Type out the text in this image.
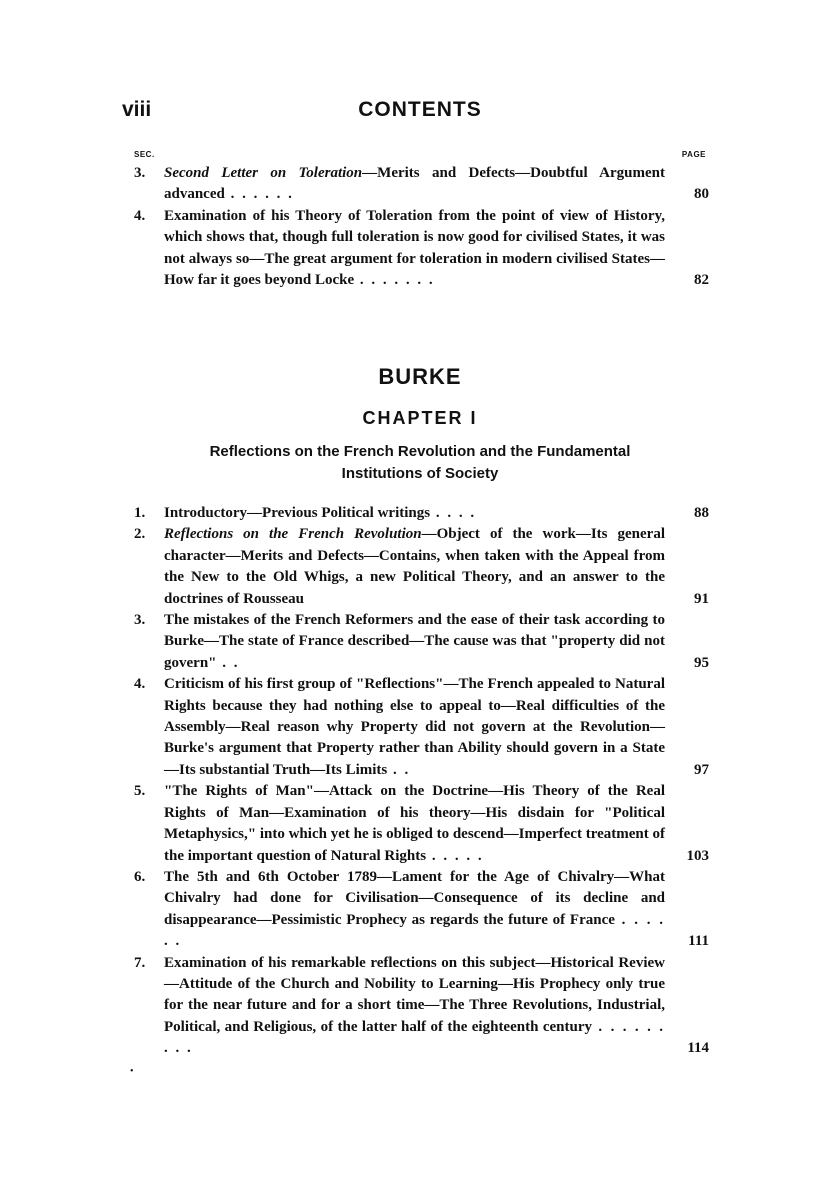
viii	CONTENTS
SEC.	PAGE
3.	Second Letter on Toleration—Merits and Defects—Doubtful Argument advanced . . . . . .	80
4.	Examination of his Theory of Toleration from the point of view of History, which shows that, though full toleration is now good for civilised States, it was not always so—The great argument for toleration in modern civilised States—How far it goes beyond Locke . . . . . . .	82
BURKE
CHAPTER I
Reflections on the French Revolution and the Fundamental
Institutions of Society
1.	Introductory—Previous Political writings . . . .	88
2.	Reflections on the French Revolution—Object of the work—Its general character—Merits and Defects—Contains, when taken with the Appeal from the New to the Old Whigs, a new Political Theory, and an answer to the doctrines of Rousseau	91
3.	The mistakes of the French Reformers and the ease of their task according to Burke—The state of France described—The cause was that "property did not govern" . .	95
4.	Criticism of his first group of "Reflections"—The French appealed to Natural Rights because they had nothing else to appeal to—Real difficulties of the Assembly—Real reason why Property did not govern at the Revolution—Burke's argument that Property rather than Ability should govern in a State—Its substantial Truth—Its Limits . .	97
5.	"The Rights of Man"—Attack on the Doctrine—His Theory of the Real Rights of Man—Examination of his theory—His disdain for "Political Metaphysics," into which yet he is obliged to descend—Imperfect treatment of the important question of Natural Rights . . . . .	103
6.	The 5th and 6th October 1789—Lament for the Age of Chivalry—What Chivalry had done for Civilisation—Consequence of its decline and disappearance—Pessimistic Prophecy as regards the future of France . . . . . .	111
7.	Examination of his remarkable reflections on this subject—Historical Review—Attitude of the Church and Nobility to Learning—His Prophecy only true for the near future and for a short time—The Three Revolutions, Industrial, Political, and Religious, of the latter half of the eighteenth century . . . . . . . . .	114
•
